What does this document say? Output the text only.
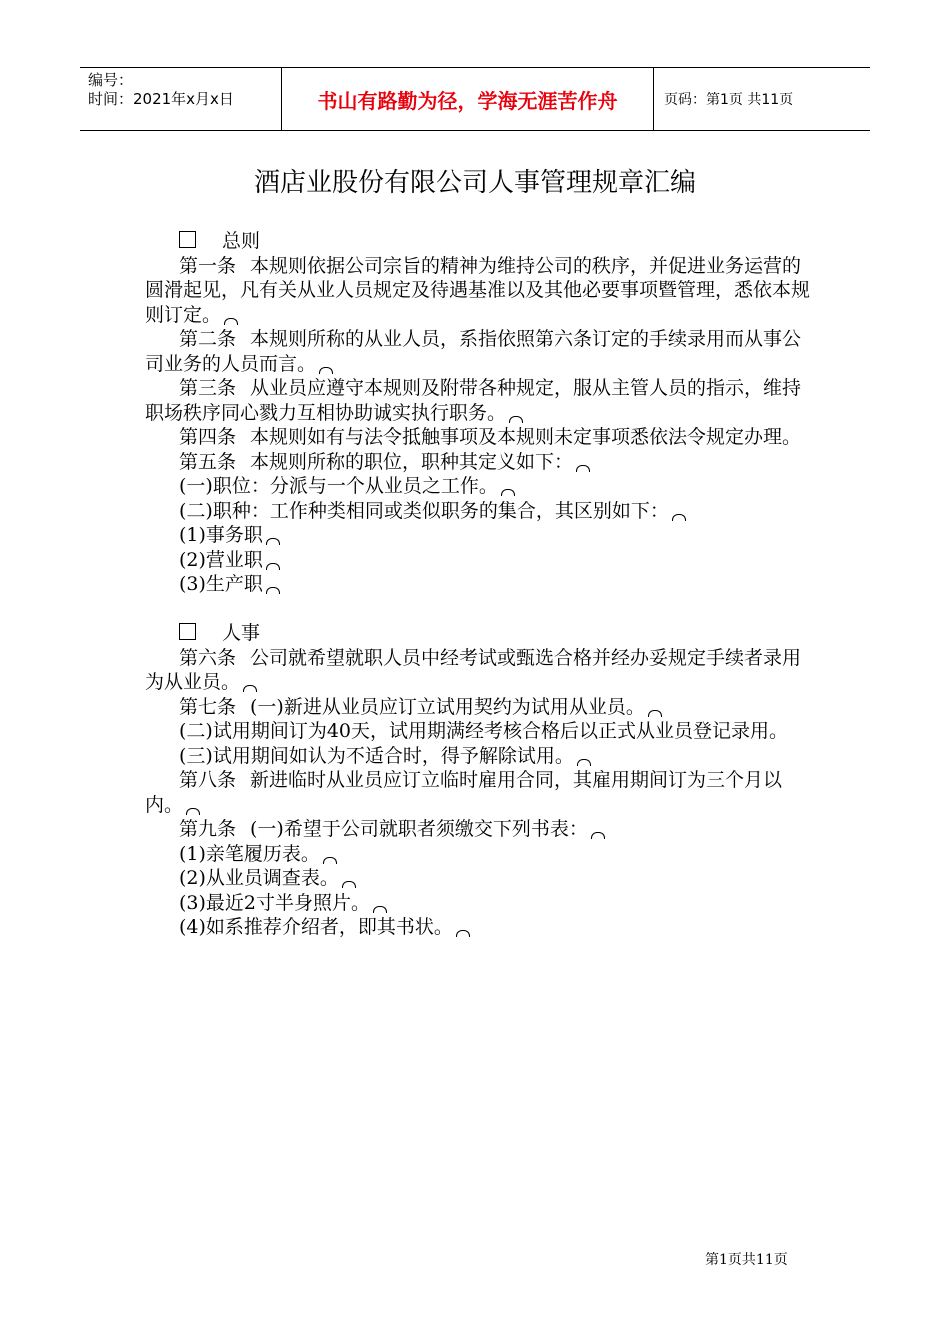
编号：
时间：2021年x月x日	书山有路勤为径，学海无涯苦作舟	页码：第1页 共11页
酒店业股份有限公司人事管理规章汇编

总则

第一条 本规则依据公司宗旨的精神为维持公司的秩序，并促进业务运营的圆滑起见，凡有关从业人员规定及待遇基准以及其他必要事项暨管理，悉依本规则订定。

第二条 本规则所称的从业人员，系指依照第六条订定的手续录用而从事公司业务的人员而言。

第三条 从业员应遵守本规则及附带各种规定，服从主管人员的指示，维持职场秩序同心戮力互相协助诚实执行职务。

第四条 本规则如有与法令抵触事项及本规则未定事项悉依法令规定办理。

第五条 本规则所称的职位，职种其定义如下：

(一)职位：分派与一个从业员之工作。

(二)职种：工作种类相同或类似职务的集合，其区别如下：

(1)事务职

(2)营业职

(3)生产职

人事

第六条 公司就希望就职人员中经考试或甄选合格并经办妥规定手续者录用为从业员。

第七条 (一)新进从业员应订立试用契约为试用从业员。

(二)试用期间订为40天，试用期满经考核合格后以正式从业员登记录用。

(三)试用期间如认为不适合时，得予解除试用。

第八条 新进临时从业员应订立临时雇用合同，其雇用期间订为三个月以内。

第九条 (一)希望于公司就职者须缴交下列书表：

(1)亲笔履历表。

(2)从业员调查表。

(3)最近2寸半身照片。

(4)如系推荐介绍者，即其书状。

第1页共11页
